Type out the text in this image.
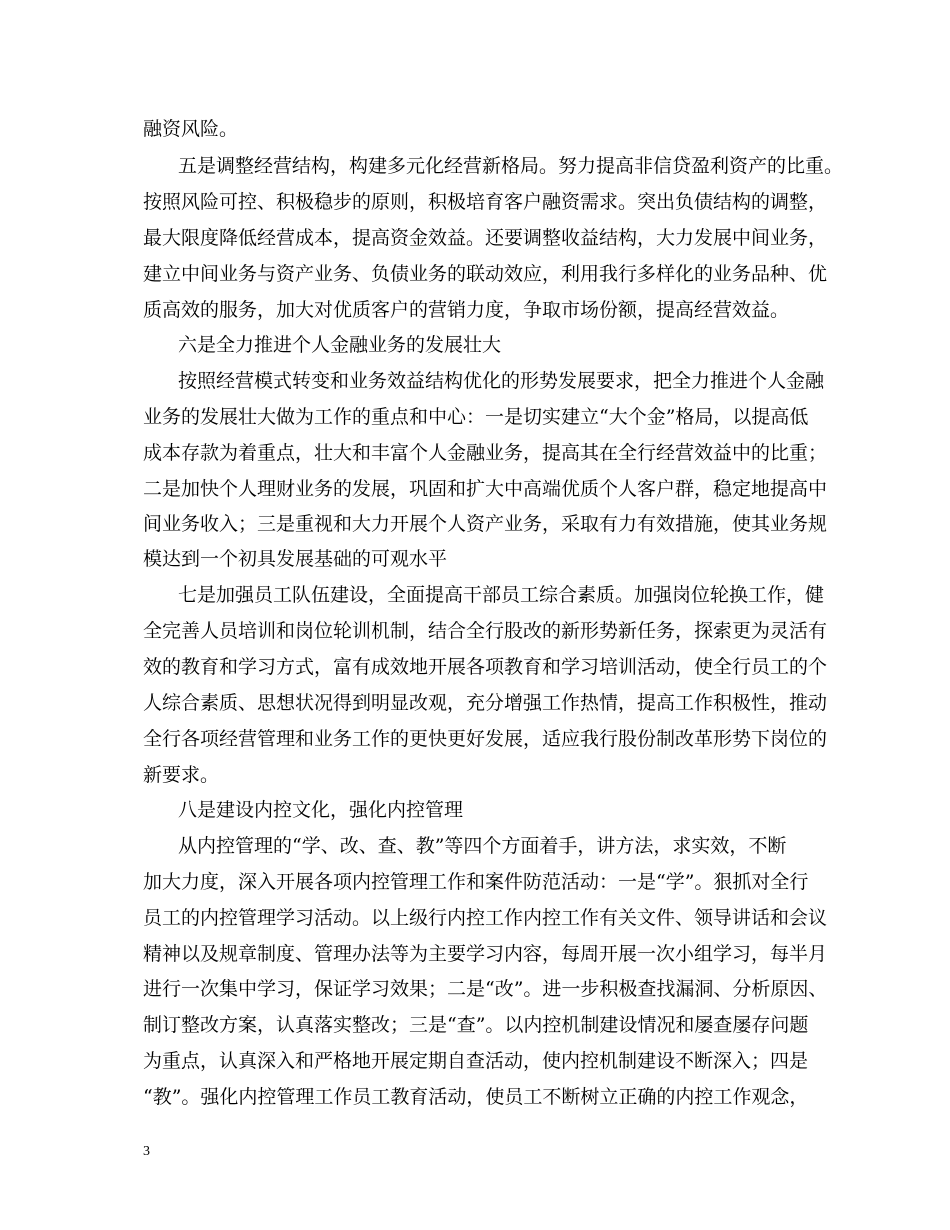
融资风险。
五是调整经营结构，构建多元化经营新格局。努力提高非信贷盈利资产的比重。
按照风险可控、积极稳步的原则，积极培育客户融资需求。突出负债结构的调整，
最大限度降低经营成本，提高资金效益。还要调整收益结构，大力发展中间业务，
建立中间业务与资产业务、负债业务的联动效应，利用我行多样化的业务品种、优
质高效的服务，加大对优质客户的营销力度，争取市场份额，提高经营效益。
六是全力推进个人金融业务的发展壮大
按照经营模式转变和业务效益结构优化的形势发展要求，把全力推进个人金融
业务的发展壮大做为工作的重点和中心：一是切实建立“大个金”格局，以提高低
成本存款为着重点，壮大和丰富个人金融业务，提高其在全行经营效益中的比重；
二是加快个人理财业务的发展，巩固和扩大中高端优质个人客户群，稳定地提高中
间业务收入；三是重视和大力开展个人资产业务，采取有力有效措施，使其业务规
模达到一个初具发展基础的可观水平
七是加强员工队伍建设，全面提高干部员工综合素质。加强岗位轮换工作，健
全完善人员培训和岗位轮训机制，结合全行股改的新形势新任务，探索更为灵活有
效的教育和学习方式，富有成效地开展各项教育和学习培训活动，使全行员工的个
人综合素质、思想状况得到明显改观，充分增强工作热情，提高工作积极性，推动
全行各项经营管理和业务工作的更快更好发展，适应我行股份制改革形势下岗位的
新要求。
八是建设内控文化，强化内控管理
从内控管理的“学、改、查、教”等四个方面着手，讲方法，求实效，不断
加大力度，深入开展各项内控管理工作和案件防范活动：一是“学”。狠抓对全行
员工的内控管理学习活动。以上级行内控工作内控工作有关文件、领导讲话和会议
精神以及规章制度、管理办法等为主要学习内容，每周开展一次小组学习，每半月
进行一次集中学习，保证学习效果；二是“改”。进一步积极查找漏洞、分析原因、
制订整改方案，认真落实整改；三是“查”。以内控机制建设情况和屡查屡存问题
为重点，认真深入和严格地开展定期自查活动，使内控机制建设不断深入；四是
“教”。强化内控管理工作员工教育活动，使员工不断树立正确的内控工作观念，
3
